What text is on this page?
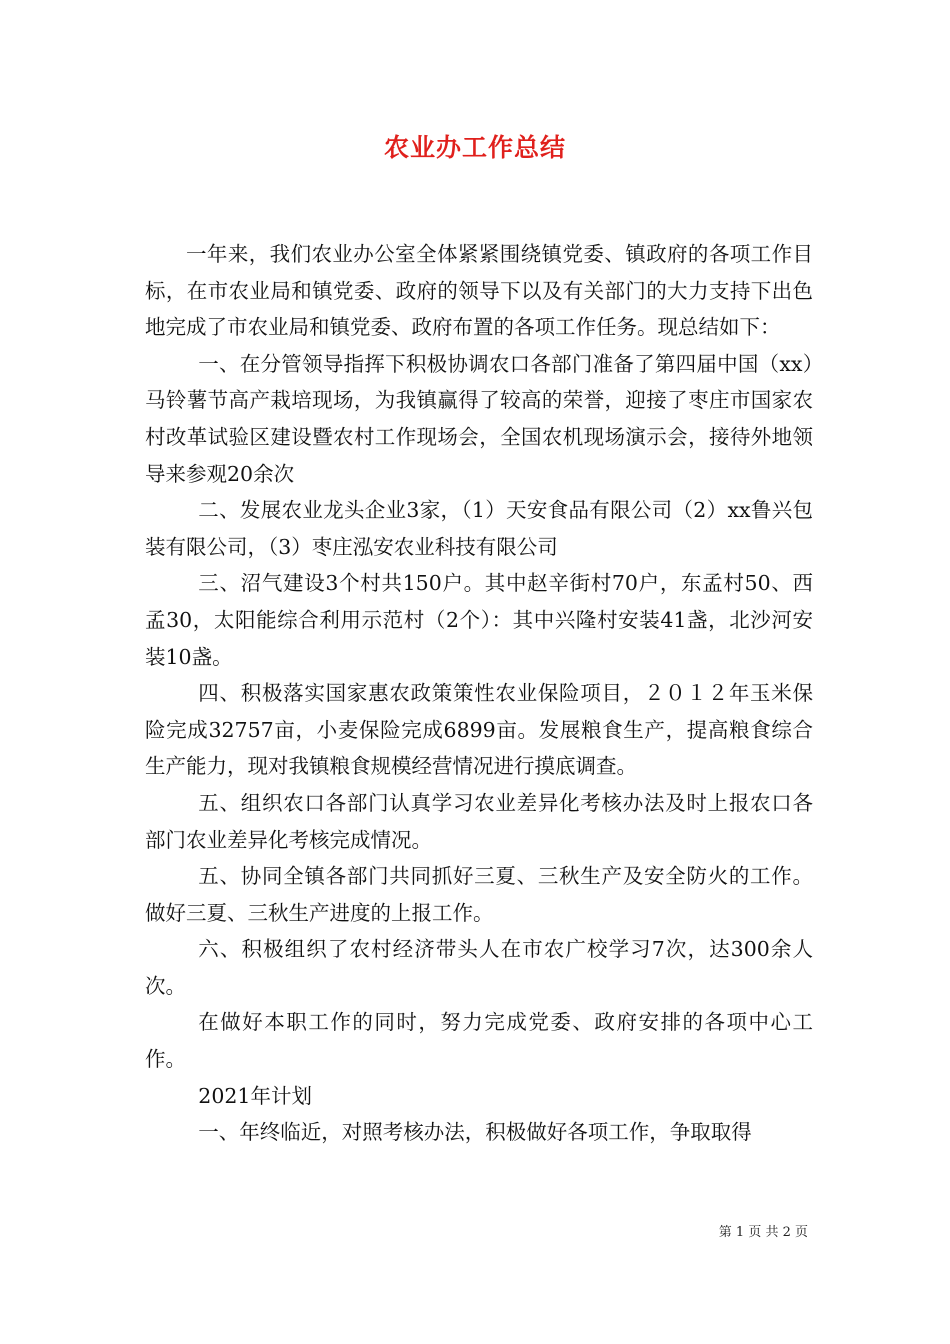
农业办工作总结

一年来，我们农业办公室全体紧紧围绕镇党委、镇政府的各项工作目标，在市农业局和镇党委、政府的领导下以及有关部门的大力支持下出色地完成了市农业局和镇党委、政府布置的各项工作任务。现总结如下：

一、在分管领导指挥下积极协调农口各部门准备了第四届中国（xx）马铃薯节高产栽培现场，为我镇赢得了较高的荣誉，迎接了枣庄市国家农村改革试验区建设暨农村工作现场会，全国农机现场演示会，接待外地领导来参观20余次

二、发展农业龙头企业3家，（1）天安食品有限公司（2）xx鲁兴包装有限公司，（3）枣庄泓安农业科技有限公司

三、沼气建设3个村共150户。其中赵辛街村70户，东孟村50、西孟30，太阳能综合利用示范村（2个）：其中兴隆村安装41盏，北沙河安装10盏。

四、积极落实国家惠农政策策性农业保险项目，２０１２年玉米保险完成32757亩，小麦保险完成6899亩。发展粮食生产，提高粮食综合生产能力，现对我镇粮食规模经营情况进行摸底调查。

五、组织农口各部门认真学习农业差异化考核办法及时上报农口各部门农业差异化考核完成情况。

五、协同全镇各部门共同抓好三夏、三秋生产及安全防火的工作。做好三夏、三秋生产进度的上报工作。

六、积极组织了农村经济带头人在市农广校学习7次，达300余人次。

在做好本职工作的同时，努力完成党委、政府安排的各项中心工作。

2021年计划

一、年终临近，对照考核办法，积极做好各项工作，争取取得

第 1 页 共 2 页
